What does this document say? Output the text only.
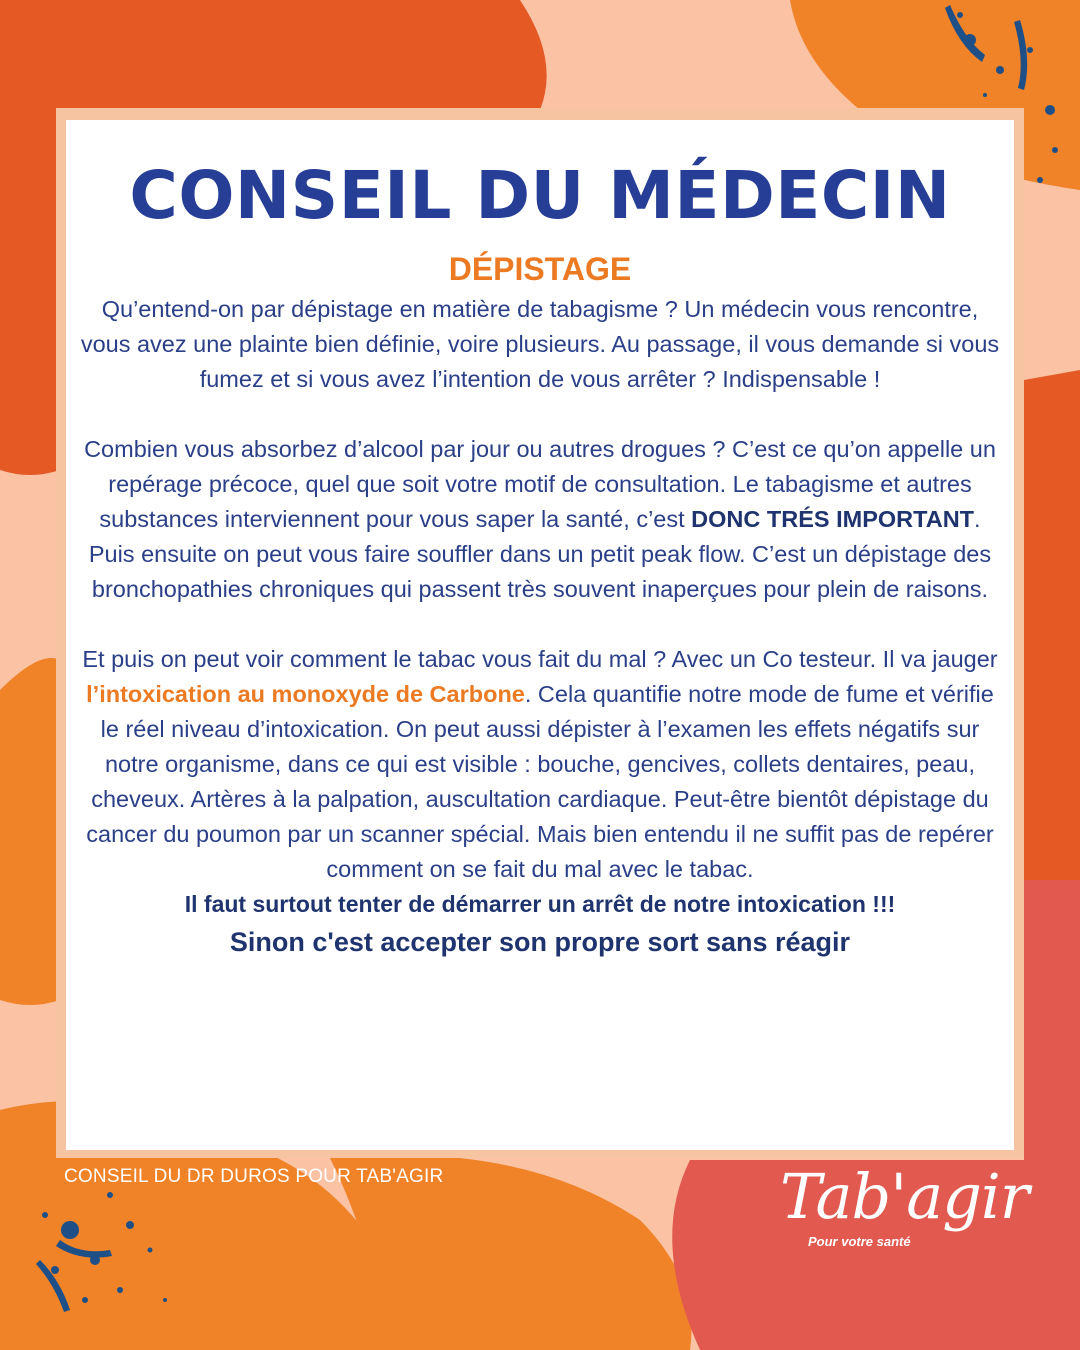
CONSEIL DU MÉDECIN
DÉPISTAGE

Qu’entend-on par dépistage en matière de tabagisme ? Un médecin vous rencontre, vous avez une plainte bien définie, voire plusieurs. Au passage, il vous demande si vous fumez et si vous avez l’intention de vous arrêter ? Indispensable !

Combien vous absorbez d’alcool par jour ou autres drogues ? C’est ce qu’on appelle un repérage précoce, quel que soit votre motif de consultation. Le tabagisme et autres substances interviennent pour vous saper la santé, c’est DONC TRÉS IMPORTANT. Puis ensuite on peut vous faire souffler dans un petit peak flow. C’est un dépistage des bronchopathies chroniques qui passent très souvent inaperçues pour plein de raisons.

Et puis on peut voir comment le tabac vous fait du mal ? Avec un Co testeur. Il va jauger l’intoxication au monoxyde de Carbone. Cela quantifie notre mode de fume et vérifie le réel niveau d’intoxication. On peut aussi dépister à l’examen les effets négatifs sur notre organisme, dans ce qui est visible : bouche, gencives, collets dentaires, peau, cheveux. Artères à la palpation, auscultation cardiaque. Peut-être bientôt dépistage du cancer du poumon par un scanner spécial. Mais bien entendu il ne suffit pas de repérer comment on se fait du mal avec le tabac.

Il faut surtout tenter de démarrer un arrêt de notre intoxication !!!

Sinon c'est accepter son propre sort sans réagir

CONSEIL DU DR DUROS POUR TAB'AGIR	Tab'agir
Pour votre santé
